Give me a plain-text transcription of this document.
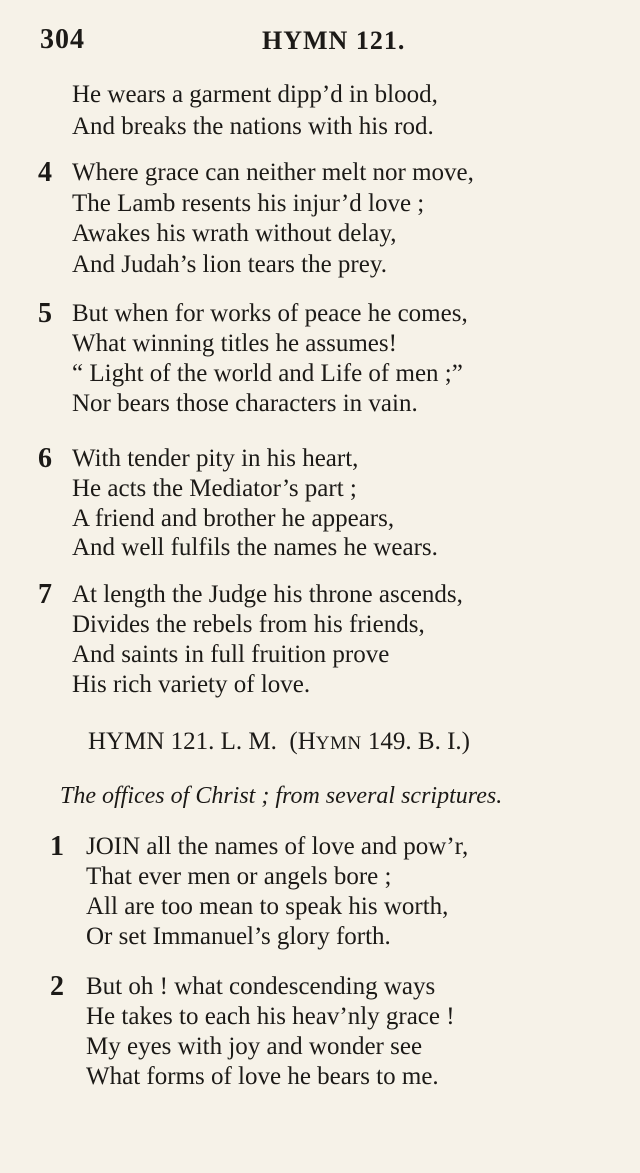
304	HYMN 121.
He wears a garment dipp’d in blood,
And breaks the nations with his rod.
4 Where grace can neither melt nor move,
The Lamb resents his injur’d love ;
Awakes his wrath without delay,
And Judah’s lion tears the prey.
5 But when for works of peace he comes,
What winning titles he assumes!
“ Light of the world and Life of men ;”
Nor bears those characters in vain.
6 With tender pity in his heart,
He acts the Mediator’s part ;
A friend and brother he appears,
And well fulfils the names he wears.
7 At length the Judge his throne ascends,
Divides the rebels from his friends,
And saints in full fruition prove
His rich variety of love.
HYMN 121. L. M. (HYMN 149. B. I.)
The offices of Christ ; from several scriptures.
1 JOIN all the names of love and pow’r,
That ever men or angels bore ;
All are too mean to speak his worth,
Or set Immanuel’s glory forth.
2 But oh ! what condescending ways
He takes to each his heav’nly grace !
My eyes with joy and wonder see
What forms of love he bears to me.
